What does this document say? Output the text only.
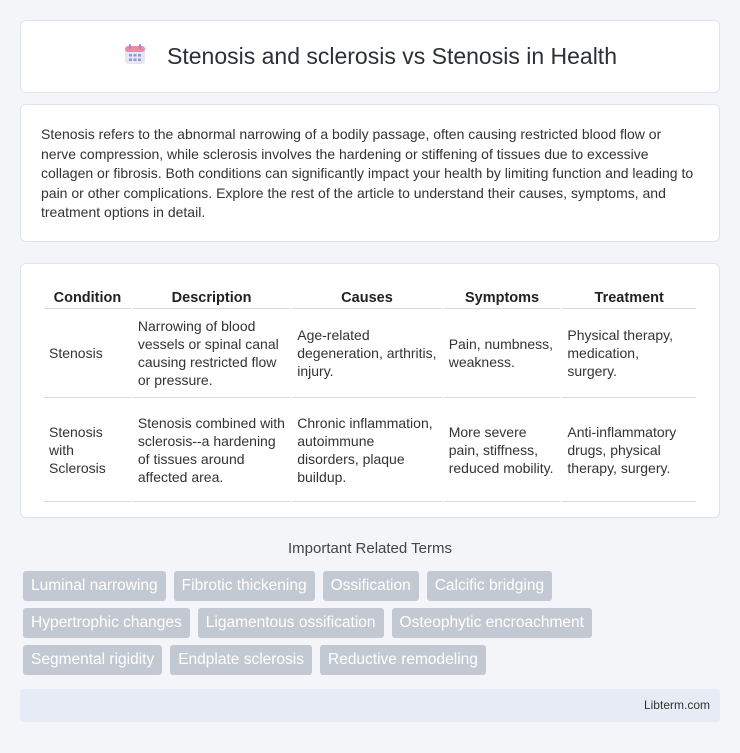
Stenosis and sclerosis vs Stenosis in Health

Stenosis refers to the abnormal narrowing of a bodily passage, often causing restricted blood flow or nerve compression, while sclerosis involves the hardening or stiffening of tissues due to excessive collagen or fibrosis. Both conditions can significantly impact your health by limiting function and leading to pain or other complications. Explore the rest of the article to understand their causes, symptoms, and treatment options in detail.

Condition	Description	Causes	Symptoms	Treatment
Stenosis	Narrowing of blood vessels or spinal canal causing restricted flow or pressure.	Age-related degeneration, arthritis, injury.	Pain, numbness, weakness.	Physical therapy, medication, surgery.
Stenosis with Sclerosis	Stenosis combined with sclerosis--a hardening of tissues around affected area.	Chronic inflammation, autoimmune disorders, plaque buildup.	More severe pain, stiffness, reduced mobility.	Anti-inflammatory drugs, physical therapy, surgery.
Important Related Terms
Luminal narrowing	Fibrotic thickening	Ossification	Calcific bridging
Hypertrophic changes	Ligamentous ossification	Osteophytic encroachment
Segmental rigidity	Endplate sclerosis	Reductive remodeling
Libterm.com
